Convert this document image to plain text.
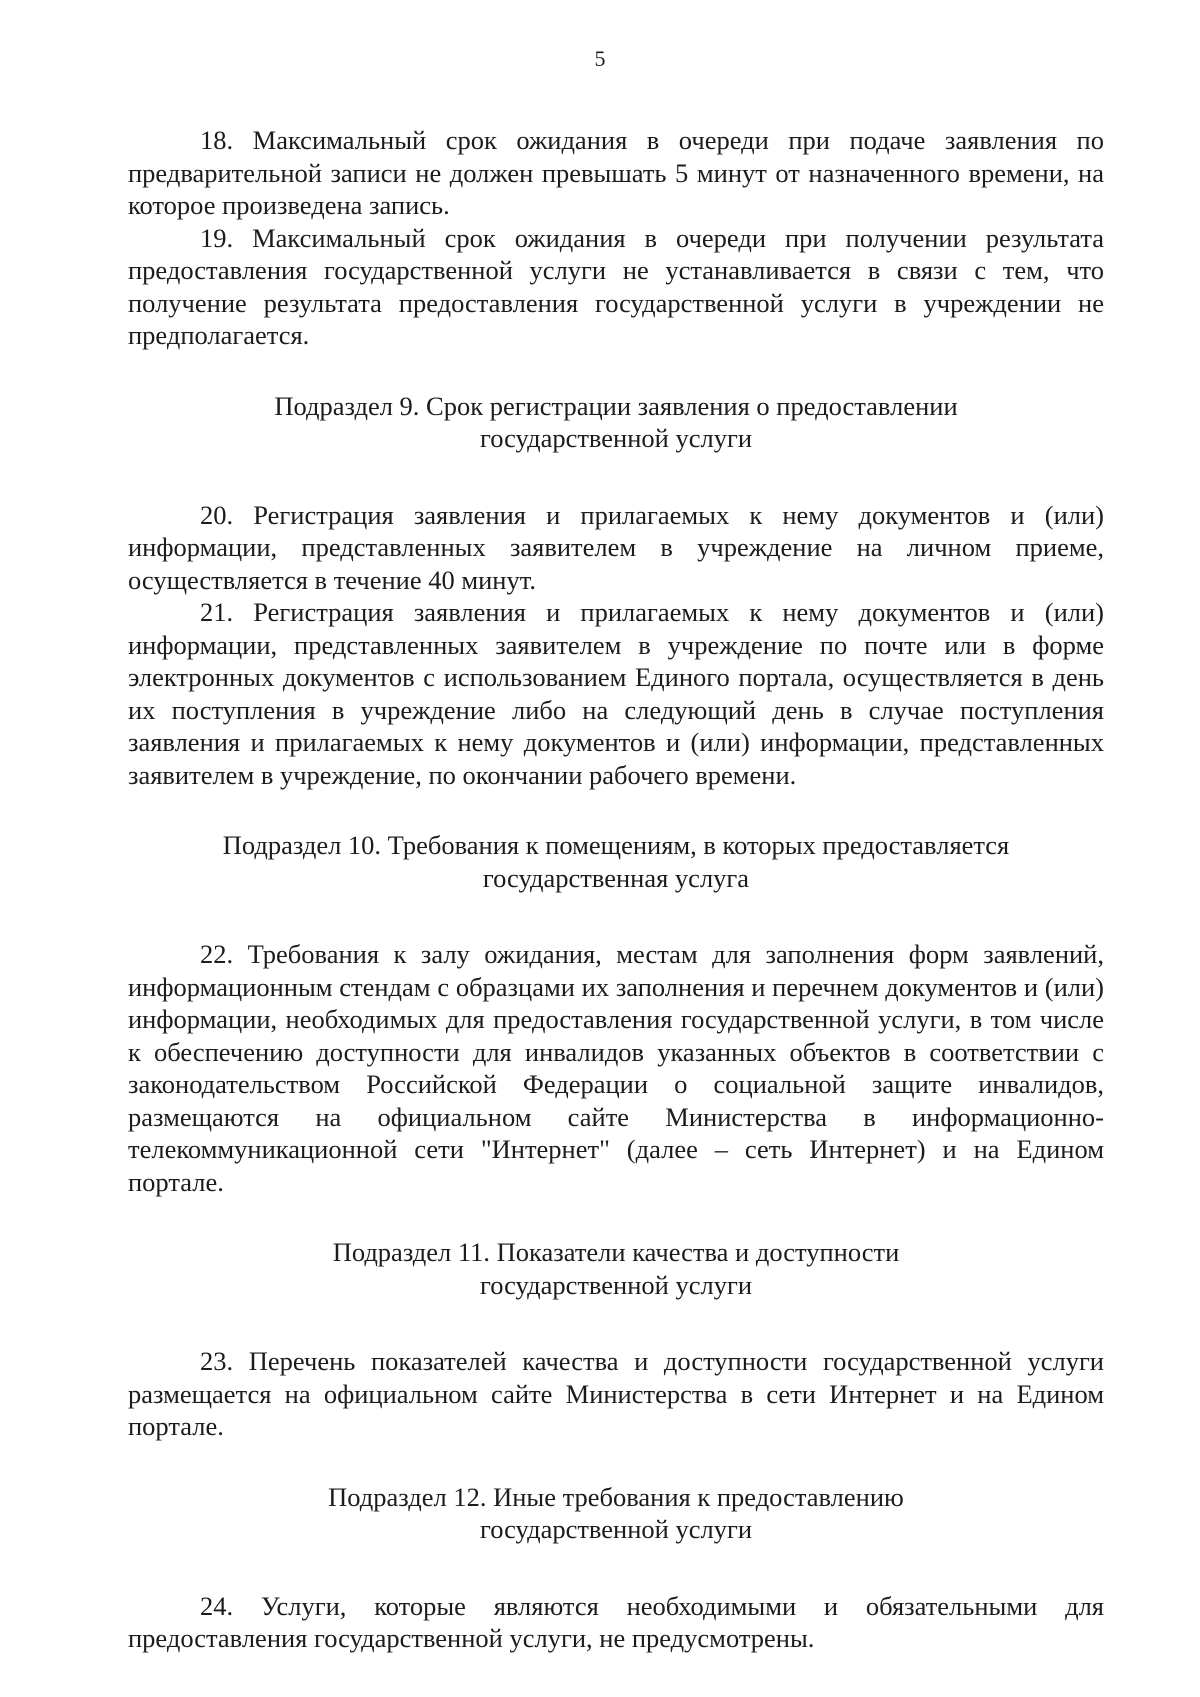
5

18. Максимальный срок ожидания в очереди при подаче заявления по предварительной записи не должен превышать 5 минут от назначенного времени, на которое произведена запись.

19. Максимальный срок ожидания в очереди при получении результата предоставления государственной услуги не устанавливается в связи с тем, что получение результата предоставления государственной услуги в учреждении не предполагается.

Подраздел 9. Срок регистрации заявления о предоставлении
государственной услуги

20. Регистрация заявления и прилагаемых к нему документов и (или) информации, представленных заявителем в учреждение на личном приеме, осуществляется в течение 40 минут.

21. Регистрация заявления и прилагаемых к нему документов и (или) информации, представленных заявителем в учреждение по почте или в форме электронных документов с использованием Единого портала, осуществляется в день их поступления в учреждение либо на следующий день в случае поступления заявления и прилагаемых к нему документов и (или) информации, представленных заявителем в учреждение, по окончании рабочего времени.

Подраздел 10. Требования к помещениям, в которых предоставляется
государственная услуга

22. Требования к залу ожидания, местам для заполнения форм заявлений, информационным стендам с образцами их заполнения и перечнем документов и (или) информации, необходимых для предоставления государственной услуги, в том числе к обеспечению доступности для инвалидов указанных объектов в соответствии с законодательством Российской Федерации о социальной защите инвалидов, размещаются на официальном сайте Министерства в информационно-телекоммуникационной сети "Интернет" (далее – сеть Интернет) и на Едином портале.

Подраздел 11. Показатели качества и доступности
государственной услуги

23. Перечень показателей качества и доступности государственной услуги размещается на официальном сайте Министерства в сети Интернет и на Едином портале.

Подраздел 12. Иные требования к предоставлению
государственной услуги

24. Услуги, которые являются необходимыми и обязательными для предоставления государственной услуги, не предусмотрены.
